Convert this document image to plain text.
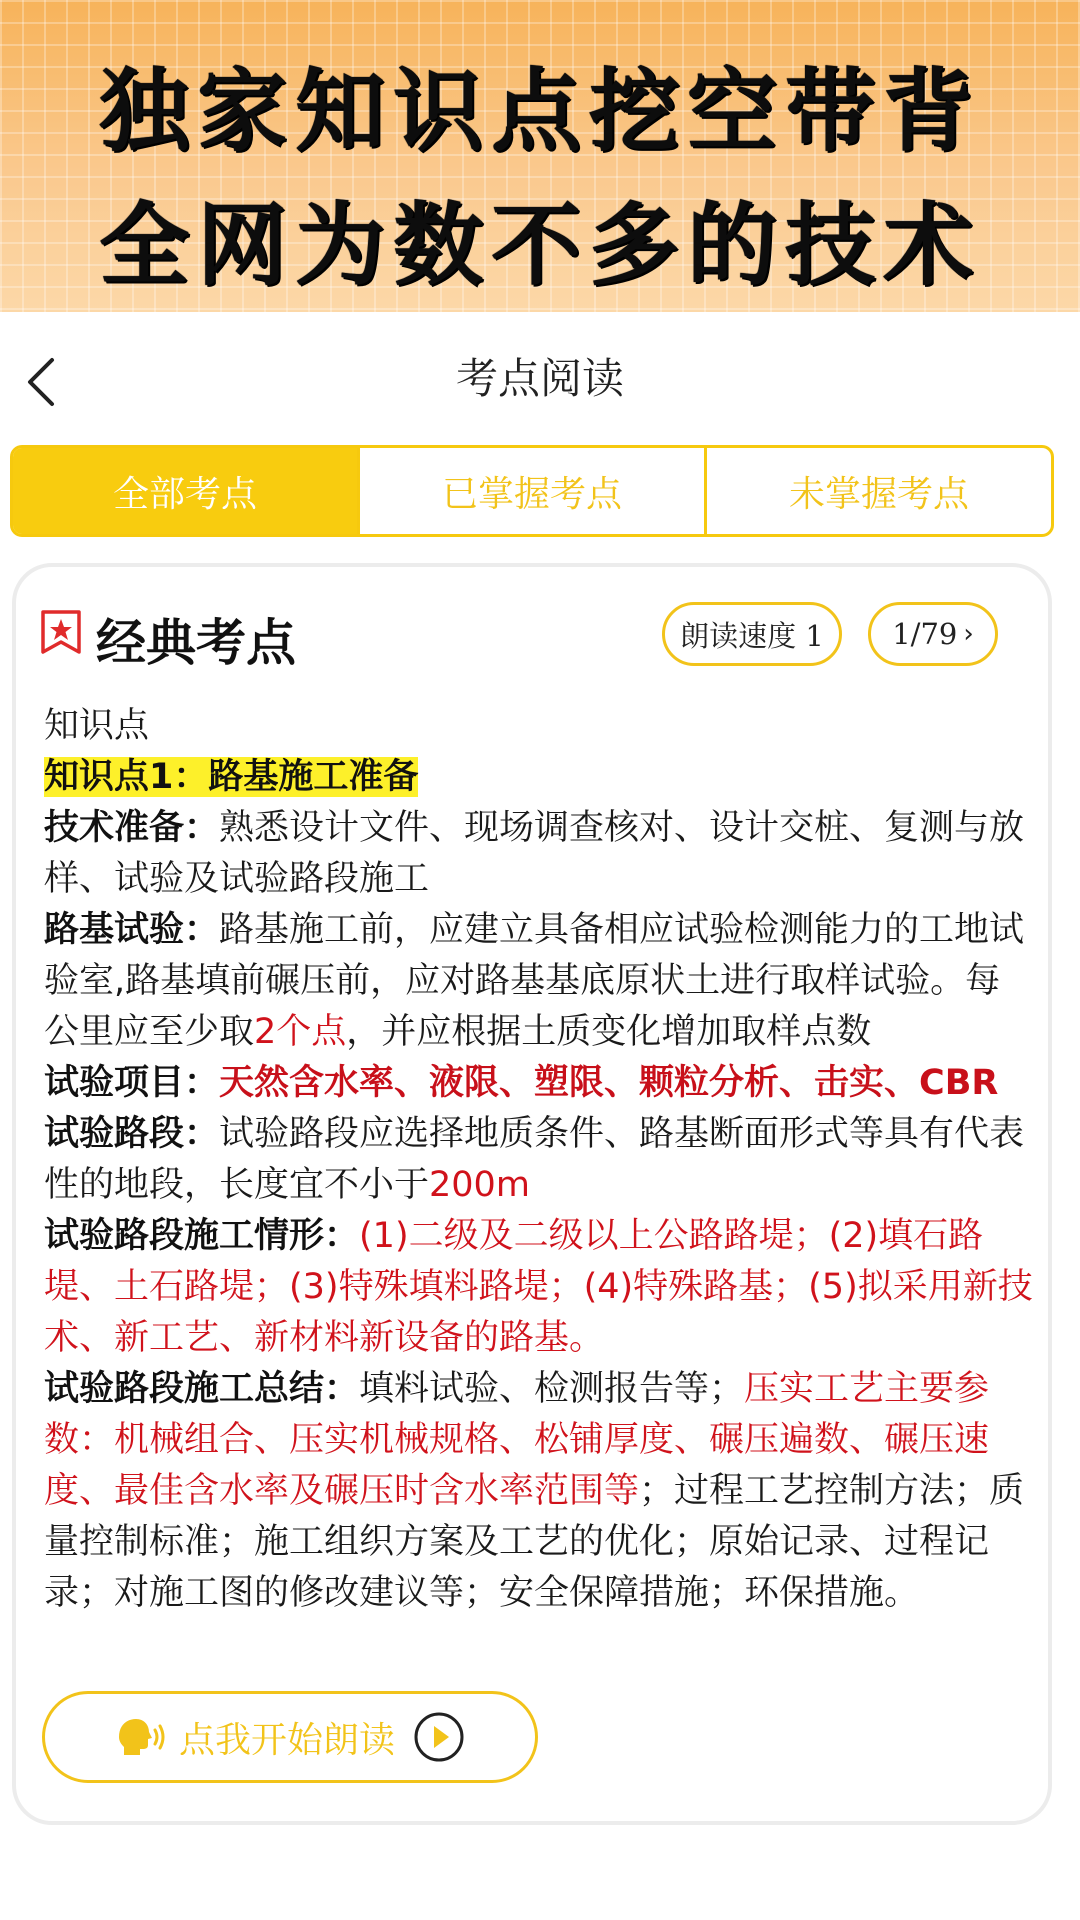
独家知识点挖空带背
全网为数不多的技术
考点阅读
全部考点	已掌握考点	未掌握考点
经典考点	朗读速度 1	1/79 ›

知识点

知识点1：路基施工准备

技术准备：熟悉设计文件、现场调查核对、设计交桩、复测与放样、试验及试验路段施工

路基试验：路基施工前，应建立具备相应试验检测能力的工地试验室,路基填前碾压前，应对路基基底原状土进行取样试验。每公里应至少取2个点，并应根据土质变化增加取样点数

试验项目：天然含水率、液限、塑限、颗粒分析、击实、CBR

试验路段：试验路段应选择地质条件、路基断面形式等具有代表性的地段，长度宜不小于200m

试验路段施工情形：(1)二级及二级以上公路路堤；(2)填石路堤、土石路堤；(3)特殊填料路堤；(4)特殊路基；(5)拟采用新技术、新工艺、新材料新设备的路基。

试验路段施工总结：填料试验、检测报告等；压实工艺主要参数：机械组合、压实机械规格、松铺厚度、碾压遍数、碾压速度、最佳含水率及碾压时含水率范围等；过程工艺控制方法；质量控制标准；施工组织方案及工艺的优化；原始记录、过程记录；对施工图的修改建议等；安全保障措施；环保措施。

点我开始朗读
